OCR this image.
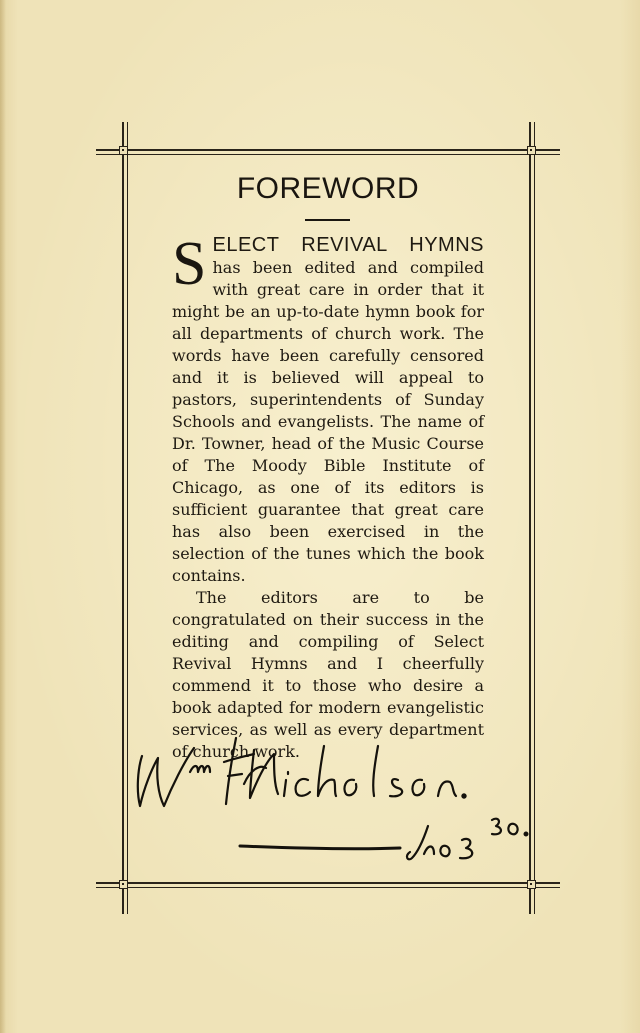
FOREWORD

SELECT REVIVAL HYMNS has been edited and compiled with great care in order that it might be an up-to-date hymn book for all departments of church work. The words have been carefully censored and it is believed will appeal to pastors, superintendents of Sunday Schools and evangelists. The name of Dr. Towner, head of the Music Course of The Moody Bible Institute of Chicago, as one of its editors is sufficient guarantee that great care has also been exercised in the selection of the tunes which the book contains.

The editors are to be congratulated on their success in the editing and compiling of Select Revival Hymns and I cheerfully commend it to those who desire a book adapted for modern evangelistic services, as well as every department of church work.
